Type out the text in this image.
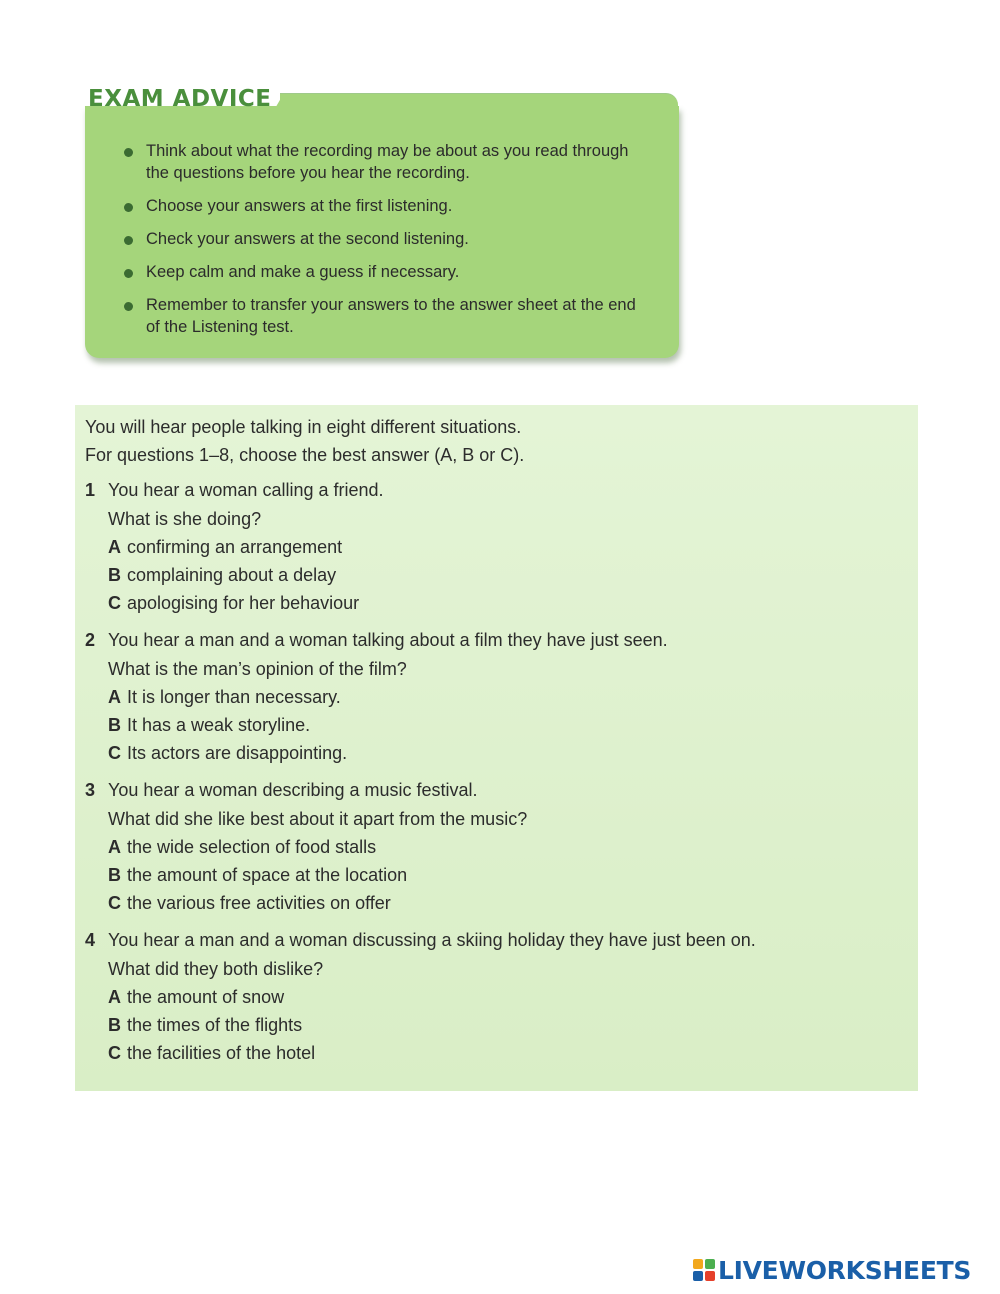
EXAM ADVICE
Think about what the recording may be about as you read through the questions before you hear the recording.
Choose your answers at the first listening.
Check your answers at the second listening.
Keep calm and make a guess if necessary.
Remember to transfer your answers to the answer sheet at the end of the Listening test.

You will hear people talking in eight different situations.

For questions 1–8, choose the best answer (A, B or C).

1 You hear a woman calling a friend.

What is she doing?

A confirming an arrangement

B complaining about a delay

C apologising for her behaviour

2 You hear a man and a woman talking about a film they have just seen.

What is the man’s opinion of the film?

A It is longer than necessary.

B It has a weak storyline.

C Its actors are disappointing.

3 You hear a woman describing a music festival.

What did she like best about it apart from the music?

A the wide selection of food stalls

B the amount of space at the location

C the various free activities on offer

4 You hear a man and a woman discussing a skiing holiday they have just been on.

What did they both dislike?

A the amount of snow

B the times of the flights

C the facilities of the hotel

LIVEWORKSHEETS
